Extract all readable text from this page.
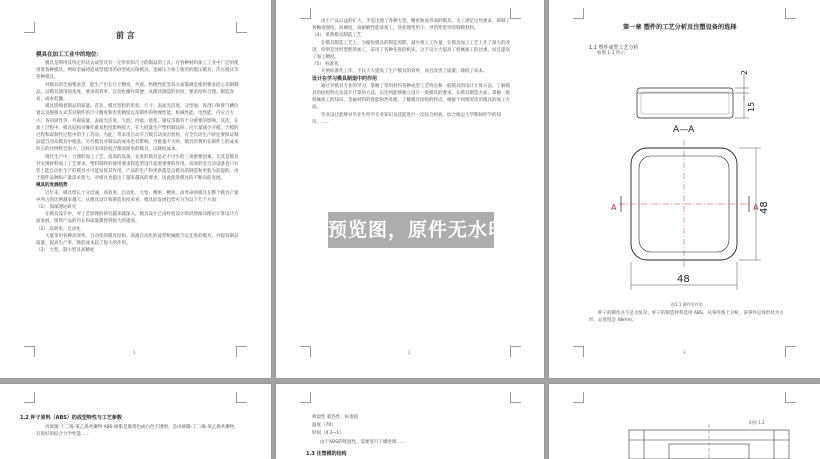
前 言
模具在加工工业中的地位：
模具是利用其特定形状去成型具有一定形状和尺寸的制品的工具。在各种材料加工工业中广泛的使用着各种模具。例如金属铸造成型使用的砂型或压铸模具，金属压力加工使用的锻压模具、冷压模具等各种模具。
对模具的全面要求是：能生产出在尺寸精度、外观、物理性能等各方面都满足使用要求的公差制制品，以模具使用的角度，要求高效率、自动化操作简便；从模具制造的角度，要求结构合理、制造容易、成本低廉。
模具影响着制品的质量。首先，模具型腔的形状、尺寸、表面光洁度、分型面、进浇口和排气槽位置以及脱模方式等对制件的尺寸精度和形状精度以及制件的物理性能、机械性能、电性能、内应力大小、各向同性等，外观质量、表面光洁度、气泡、凹痕、烧焦、银纹等都有十分重要的影响。其次，在加工过程中，模具结构对操作难易程度影响很大。在大批量生产塑料制品时，应尽量减少开模、合模的过程和取制件过程中的手工劳动。为此，常采用自动开合模自动顶出机构，在全自动生产时还要保证制品能自动从模具中脱落。另外模具对制品的成本也有影响。当批量不大时，模具的费用在制件上的成本所占的比例将会很大，这时应采用结构合理而简单的模具，以降低成本。
现代生产中，合理的加工工艺、高效的设备、先进的模具是必不可少的三项重要因素，尤其是模具对实现材料加工工艺要求、塑料制件的使用要求和造型设计起着重要的作用。高效的全自动设备也只有装上能自动化生产的模具才可能发挥其作用，产品的生产和更新都是以模具的制造和更新为前提的。由于制件品种和产量需求很大，对模具也提出了越来越高的要求，因此促进模具的不断向前发展。
模具的发展趋势
近年来，模具增长十分迅速，高效率、自动化、大型、精密、精密、高寿命的模具在整个模具产量中所占的比例越来越大。从模具设计和制造角度来看，模具的发展趋势可分为以下几个方面：
（1） 加深理论研究
在模具设计中，对工艺原理的研究越来越深入，模具设计已由经验设计阶段逐渐向理论计算设计方面发展。使得产品的内在和质量都得到很大的提高。
（2） 高效率、自动化
大量采用各种高效率、自动化的模具结构。高速自动化的成型机械配合以先进的模具，对提高制品质量，提高生产率，降低成本起了很大的作用。
（3） 大型、超小型及高精度
1
由于产品日益的扩大，手是出现了各种大型、精密和高寿命的模具，为了满足这些要求，研制了各种高强度、高硬度、高耐磨性能易加工，热处理变形小、导热性优异的制模材料。
（4） 革新模具制造工艺
在模具制造工艺上，为缩短模具的制造周期，减少钳工工作量，在模具加工工艺上作了很大的改进，特别是异形型腔的加工，采用了各种先进的机床，这不仅大大提高了机械加工的比重，而且提高了加工精度。
（5） 标准化
开展标准化工作，不仅大大提高了生产模具的效率，而且改善了质量，降低了成本。
设计在学习模具制造中的作用
通过对模具专业的学习，掌握了常用材料各种成型工艺特点和一般模具的设计计算方法，了解模具的结构特点及设计计算的方法，以达到能够独立设计一般模具的要求。在模具制造方面，掌握一般机械加工的知识，金属材料的性能和热处理，了解模具结构的特点，根据不同情况选用模具的加工方法。
毕业设计能够对毕业生所学专业知识及技能进行一次综合检验，综合地运大学期间所学的知识，……
2
第一章 塑件的工艺分析及注塑设备的选择
1.1 塑件成型工艺分析
如图 1.1 所示：
2
15
A—A
A	A 48
48
图1.1 塑件零件图
杯子的制作并不是太复杂。杯子的制造材料选用 ABS，从零件图上分析，该零件总体形状为方形，总宽度是 48mm。
3
1.2 杯子原料（ABS）的成型特性与工艺参数
丙烯腈-丁二烯-苯乙烯共聚物 ABS 树脂是微黄色或白色不透明，是丙烯腈-丁二烯-苯乙烯共聚物，有很好的综合力学性能……
吸湿性 就热性，标准值
温度（70）
时间（0.3~1）
由于ABS的吸湿性，需要进行干燥处理……
1.3 注塑模的结构
附图 1.2
预览图，原件无水印
